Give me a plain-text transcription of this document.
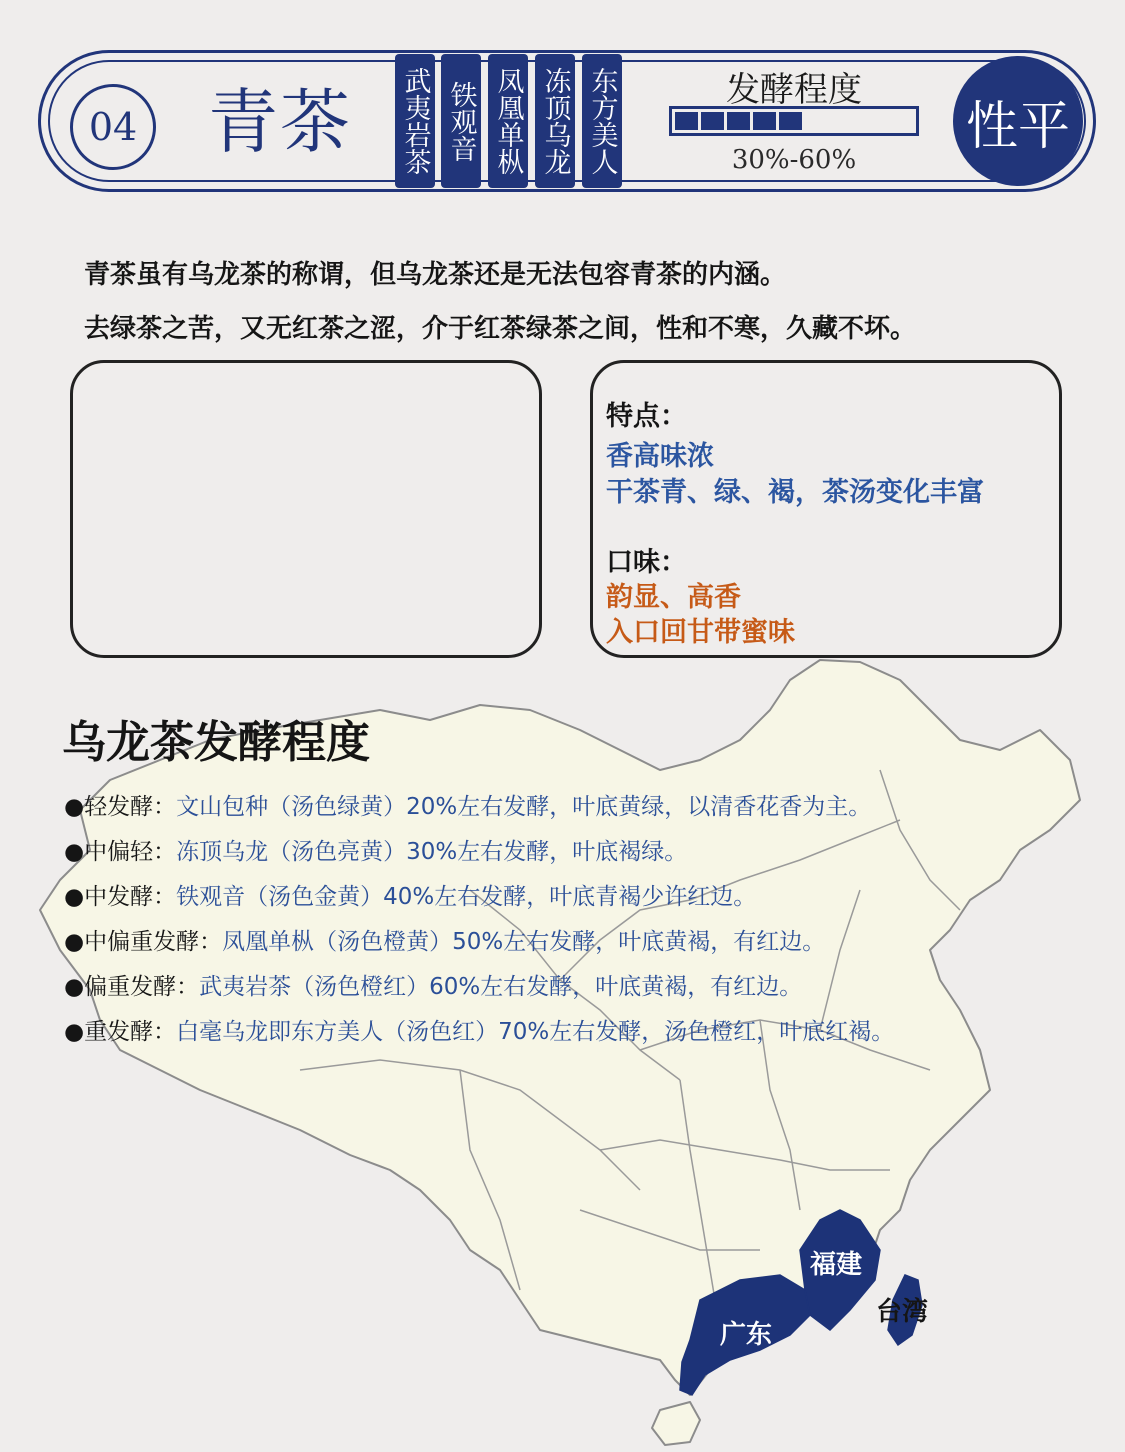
04 青茶 武夷岩茶 铁观音 凤凰单枞 冻顶乌龙 东方美人	发酵程度
30%-60%
性平
青茶虽有乌龙茶的称谓，但乌龙茶还是无法包容青茶的内涵。
去绿茶之苦，又无红茶之涩，介于红茶绿茶之间，性和不寒，久藏不坏。
特点：
香高味浓
干茶青、绿、褐，茶汤变化丰富
口味：
韵显、高香
入口回甘带蜜味
福建
广东
台湾
乌龙茶发酵程度
●轻发酵：文山包种（汤色绿黄）20%左右发酵，叶底黄绿，以清香花香为主。
●中偏轻：冻顶乌龙（汤色亮黄）30%左右发酵，叶底褐绿。
●中发酵：铁观音（汤色金黄）40%左右发酵，叶底青褐少许红边。
●中偏重发酵：凤凰单枞（汤色橙黄）50%左右发酵，叶底黄褐，有红边。
●偏重发酵：武夷岩茶（汤色橙红）60%左右发酵，叶底黄褐，有红边。
●重发酵：白毫乌龙即东方美人（汤色红）70%左右发酵，汤色橙红，叶底红褐。
